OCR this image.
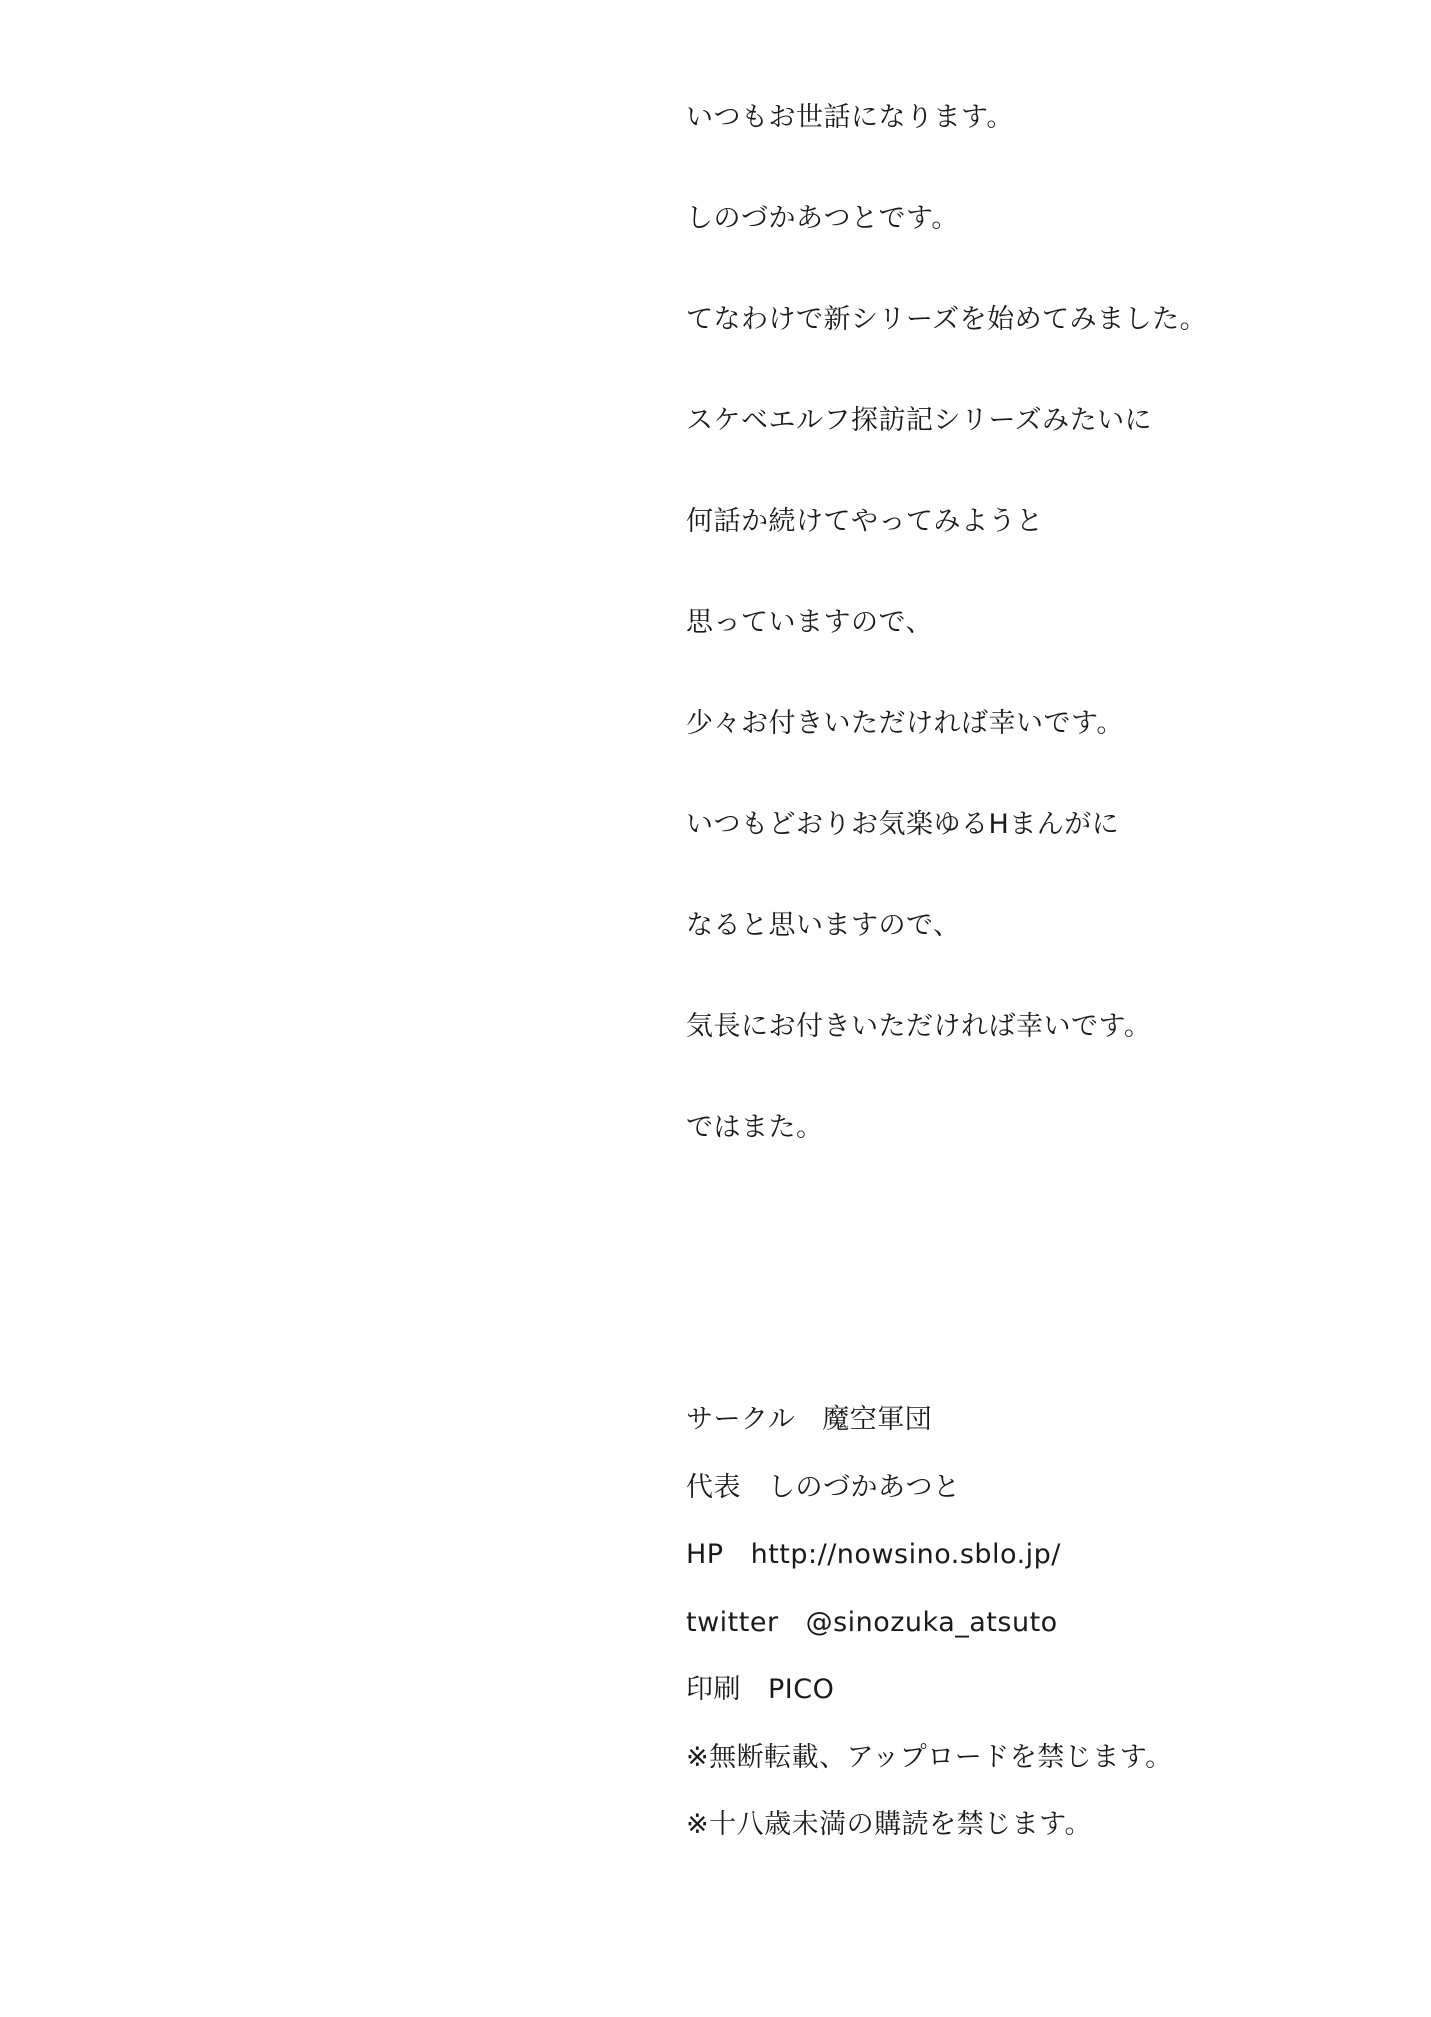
いつもお世話になります。
しのづかあつとです。
てなわけで新シリーズを始めてみました。
スケベエルフ探訪記シリーズみたいに
何話か続けてやってみようと
思っていますので、
少々お付きいただければ幸いです。
いつもどおりお気楽ゆるHまんがに
なると思いますので、
気長にお付きいただければ幸いです。
ではまた。
サークル 魔空軍団
代表 しのづかあつと
HP http://nowsino.sblo.jp/
twitter @sinozuka_atsuto
印刷 PICO
※無断転載、アップロードを禁じます。
※十八歳未満の購読を禁じます。
